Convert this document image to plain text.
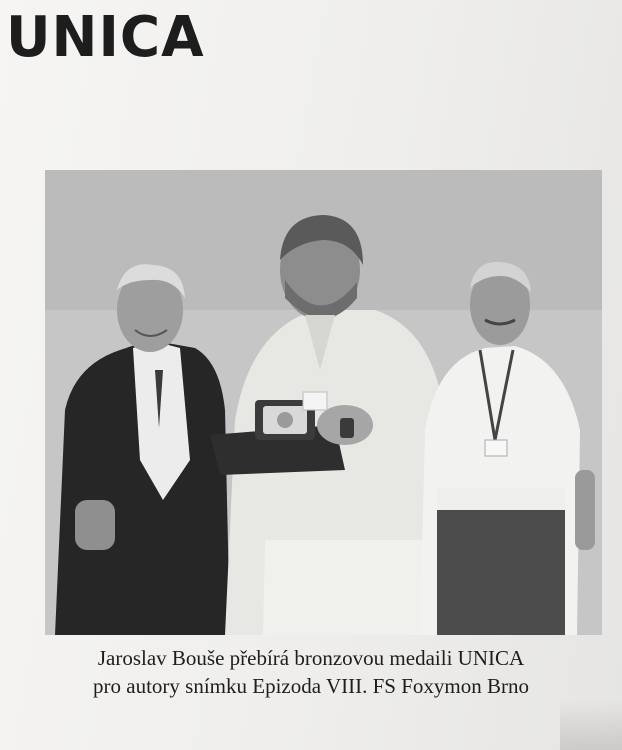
UNICA
Jaroslav Bouše přebírá bronzovou medaili UNICA
pro autory snímku Epizoda VIII. FS Foxymon Brno
